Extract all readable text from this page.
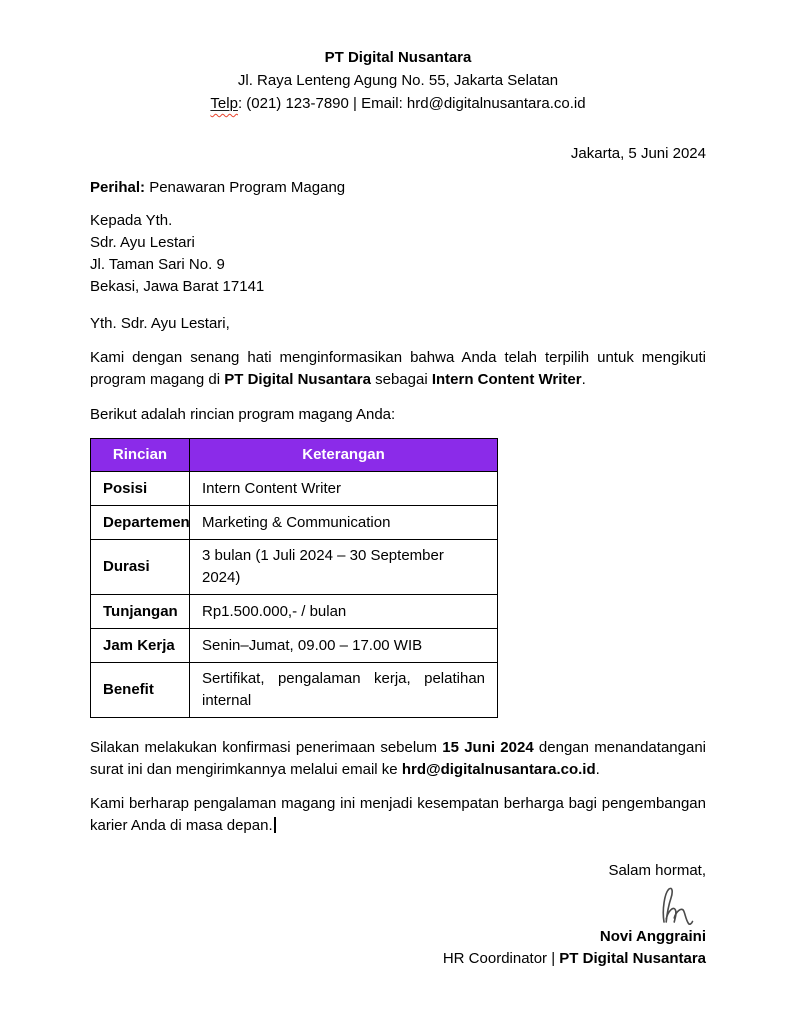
PT Digital Nusantara
Jl. Raya Lenteng Agung No. 55, Jakarta Selatan
Telp: (021) 123-7890 | Email: hrd@digitalnusantara.co.id
Jakarta, 5 Juni 2024
Perihal: Penawaran Program Magang
Kepada Yth.
Sdr. Ayu Lestari
Jl. Taman Sari No. 9
Bekasi, Jawa Barat 17141
Yth. Sdr. Ayu Lestari,

Kami dengan senang hati menginformasikan bahwa Anda telah terpilih untuk mengikuti program magang di PT Digital Nusantara sebagai Intern Content Writer.

Berikut adalah rincian program magang Anda:

Rincian	Keterangan
Posisi	Intern Content Writer
Departemen	Marketing & Communication
Durasi	3 bulan (1 Juli 2024 – 30 September 2024)
Tunjangan	Rp1.500.000,- / bulan
Jam Kerja	Senin–Jumat, 09.00 – 17.00 WIB
Benefit	Sertifikat, pengalaman kerja, pelatihan internal

Silakan melakukan konfirmasi penerimaan sebelum 15 Juni 2024 dengan menandatangani surat ini dan mengirimkannya melalui email ke hrd@digitalnusantara.co.id.

Kami berharap pengalaman magang ini menjadi kesempatan berharga bagi pengembangan karier Anda di masa depan.

Salam hormat,
Novi Anggraini
HR Coordinator | PT Digital Nusantara
